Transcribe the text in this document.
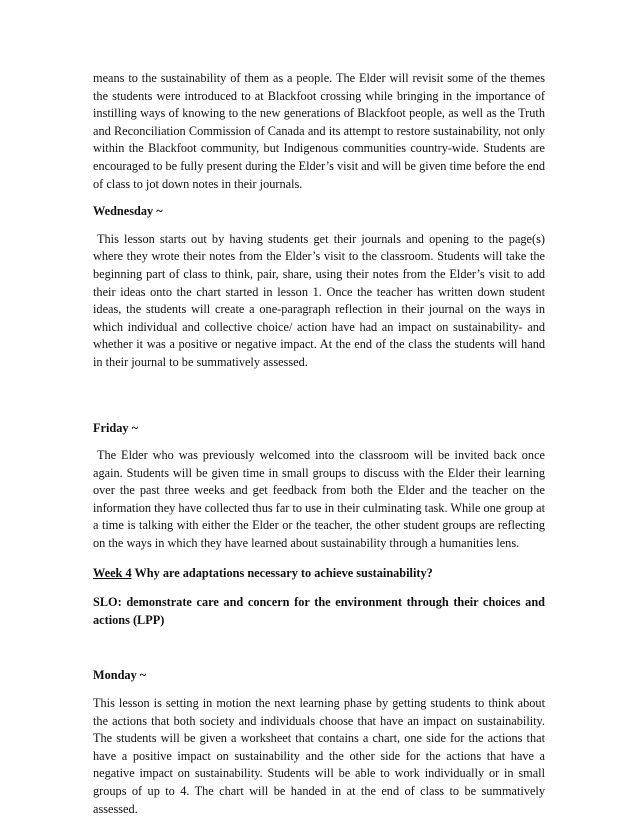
means to the sustainability of them as a people. The Elder will revisit some of the themes the students were introduced to at Blackfoot crossing while bringing in the importance of instilling ways of knowing to the new generations of Blackfoot people, as well as the Truth and Reconciliation Commission of Canada and its attempt to restore sustainability, not only within the Blackfoot community, but Indigenous communities country-wide. Students are encouraged to be fully present during the Elder’s visit and will be given time before the end of class to jot down notes in their journals.

Wednesday ~

This lesson starts out by having students get their journals and opening to the page(s) where they wrote their notes from the Elder’s visit to the classroom. Students will take the beginning part of class to think, pair, share, using their notes from the Elder’s visit to add their ideas onto the chart started in lesson 1. Once the teacher has written down student ideas, the students will create a one-paragraph reflection in their journal on the ways in which individual and collective choice/ action have had an impact on sustainability- and whether it was a positive or negative impact. At the end of the class the students will hand in their journal to be summatively assessed.

Friday ~

The Elder who was previously welcomed into the classroom will be invited back once again. Students will be given time in small groups to discuss with the Elder their learning over the past three weeks and get feedback from both the Elder and the teacher on the information they have collected thus far to use in their culminating task. While one group at a time is talking with either the Elder or the teacher, the other student groups are reflecting on the ways in which they have learned about sustainability through a humanities lens.

Week 4 Why are adaptations necessary to achieve sustainability?

SLO: demonstrate care and concern for the environment through their choices and actions (LPP)

Monday ~

This lesson is setting in motion the next learning phase by getting students to think about the actions that both society and individuals choose that have an impact on sustainability. The students will be given a worksheet that contains a chart, one side for the actions that have a positive impact on sustainability and the other side for the actions that have a negative impact on sustainability. Students will be able to work individually or in small groups of up to 4. The chart will be handed in at the end of class to be summatively assessed.
